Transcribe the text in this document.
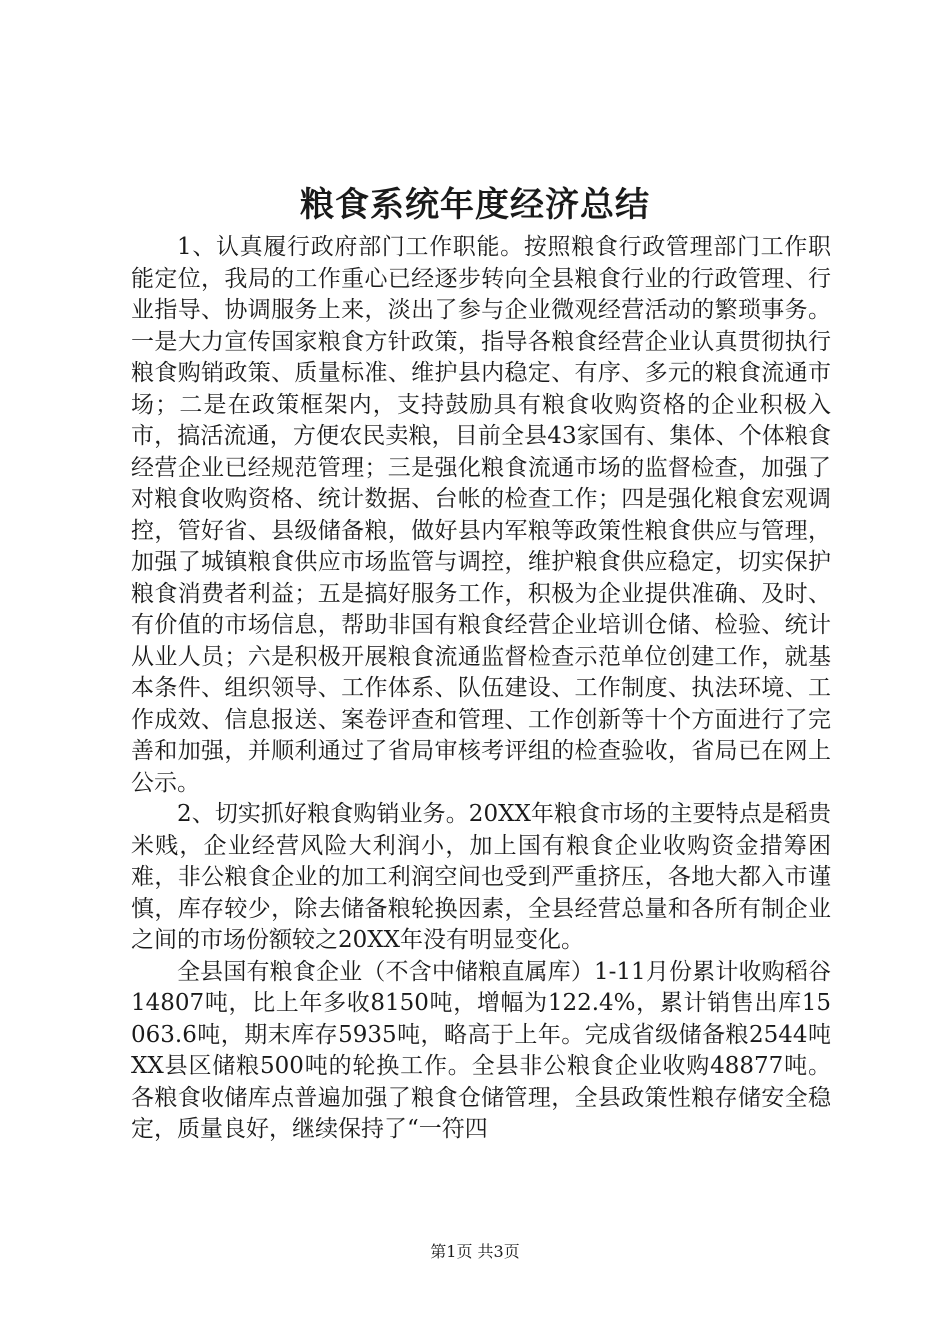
粮食系统年度经济总结

1、认真履行政府部门工作职能。按照粮食行政管理部门工作职能定位，我局的工作重心已经逐步转向全县粮食行业的行政管理、行业指导、协调服务上来，淡出了参与企业微观经营活动的繁琐事务。一是大力宣传国家粮食方针政策，指导各粮食经营企业认真贯彻执行粮食购销政策、质量标准、维护县内稳定、有序、多元的粮食流通市场；二是在政策框架内，支持鼓励具有粮食收购资格的企业积极入市，搞活流通，方便农民卖粮，目前全县43家国有、集体、个体粮食经营企业已经规范管理；三是强化粮食流通市场的监督检查，加强了对粮食收购资格、统计数据、台帐的检查工作；四是强化粮食宏观调控，管好省、县级储备粮，做好县内军粮等政策性粮食供应与管理，加强了城镇粮食供应市场监管与调控，维护粮食供应稳定，切实保护粮食消费者利益；五是搞好服务工作，积极为企业提供准确、及时、有价值的市场信息，帮助非国有粮食经营企业培训仓储、检验、统计从业人员；六是积极开展粮食流通监督检查示范单位创建工作，就基本条件、组织领导、工作体系、队伍建设、工作制度、执法环境、工作成效、信息报送、案卷评查和管理、工作创新等十个方面进行了完善和加强，并顺利通过了省局审核考评组的检查验收，省局已在网上公示。

2、切实抓好粮食购销业务。20XX年粮食市场的主要特点是稻贵米贱，企业经营风险大利润小，加上国有粮食企业收购资金措筹困难，非公粮食企业的加工利润空间也受到严重挤压，各地大都入市谨慎，库存较少，除去储备粮轮换因素，全县经营总量和各所有制企业之间的市场份额较之20XX年没有明显变化。

全县国有粮食企业（不含中储粮直属库）1-11月份累计收购稻谷14807吨，比上年多收8150吨，增幅为122.4%，累计销售出库15063.6吨，期末库存5935吨，略高于上年。完成省级储备粮2544吨XX县区储粮500吨的轮换工作。全县非公粮食企业收购48877吨。各粮食收储库点普遍加强了粮食仓储管理，全县政策性粮存储安全稳定，质量良好，继续保持了“一符四

第1页 共3页
